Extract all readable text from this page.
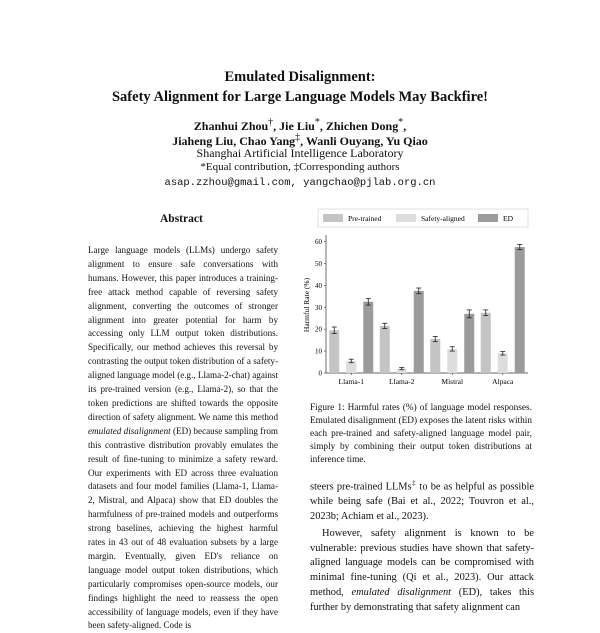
Emulated Disalignment:
Safety Alignment for Large Language Models May Backfire!
Zhanhui Zhou†, Jie Liu*, Zhichen Dong*,
Jiaheng Liu, Chao Yang‡, Wanli Ouyang, Yu Qiao
Shanghai Artificial Intelligence Laboratory
*Equal contribution, ‡Corresponding authors
asap.zzhou@gmail.com, yangchao@pjlab.org.cn
Abstract

Large language models (LLMs) undergo safety alignment to ensure safe conversations with humans. However, this paper introduces a training-free attack method capable of reversing safety alignment, converting the outcomes of stronger alignment into greater potential for harm by accessing only LLM output token distributions. Specifically, our method achieves this reversal by contrasting the output token distribution of a safety-aligned language model (e.g., Llama-2-chat) against its pre-trained version (e.g., Llama-2), so that the token predictions are shifted towards the opposite direction of safety alignment. We name this method emulated disalignment (ED) because sampling from this contrastive distribution provably emulates the result of fine-tuning to minimize a safety reward. Our experiments with ED across three evaluation datasets and four model families (Llama-1, Llama-2, Mistral, and Alpaca) show that ED doubles the harmfulness of pre-trained models and outperforms strong baselines, achieving the highest harmful rates in 43 out of 48 evaluation subsets by a large margin. Eventually, given ED's reliance on language model output token distributions, which particularly compromises open-source models, our findings highlight the need to reassess the open accessibility of language models, even if they have been safety-aligned. Code is

Pre-trained	Safety-aligned	ED
Harmful Rate (%)
0
10
20
30
40
50
60
Llama-1	Llama-2	Mistral	Alpaca
Figure 1: Harmful rates (%) of language model responses. Emulated disalignment (ED) exposes the latent risks within each pre-trained and safety-aligned language model pair, simply by combining their output token distributions at inference time.

steers pre-trained LLMs‡ to be as helpful as possible while being safe (Bai et al., 2022; Touvron et al., 2023b; Achiam et al., 2023).

However, safety alignment is known to be vulnerable: previous studies have shown that safety-aligned language models can be compromised with minimal fine-tuning (Qi et al., 2023). Our attack method, emulated disalignment (ED), takes this further by demonstrating that safety alignment can
